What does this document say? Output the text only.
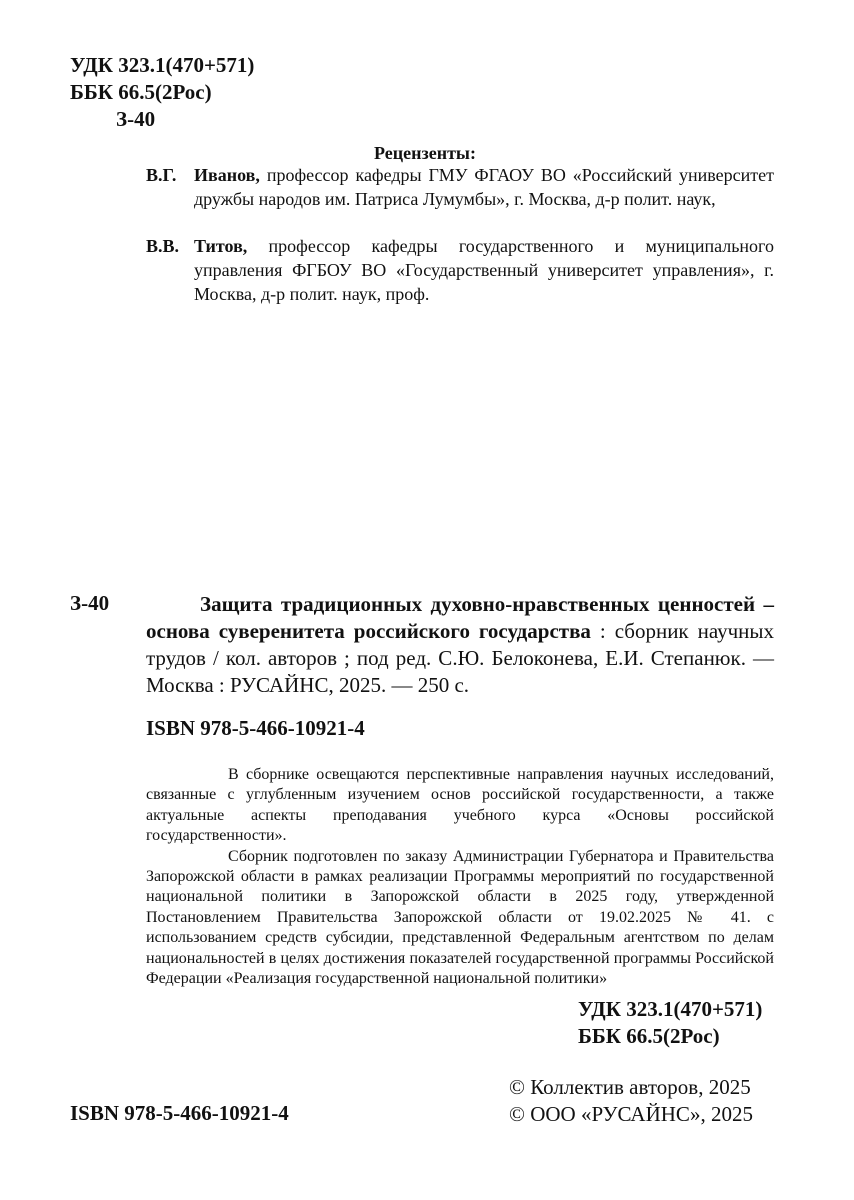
УДК 323.1(470+571)
ББК 66.5(2Рос)
З-40
Рецензенты:
В.Г. Иванов, профессор кафедры ГМУ ФГАОУ ВО «Российский университет дружбы народов им. Патриса Лумумбы», г. Москва, д-р полит. наук,
В.В. Титов, профессор кафедры государственного и муниципального управления ФГБОУ ВО «Государственный университет управления», г. Москва, д-р полит. наук, проф.
З-40	Защита традиционных духовно-нравственных ценностей – основа суверенитета российского государства : сборник научных трудов / кол. авторов ; под ред. С.Ю. Белоконева, Е.И. Степанюк. — Москва : РУСАЙНС, 2025. — 250 с.
ISBN 978-5-466-10921-4

В сборнике освещаются перспективные направления научных исследований, связанные с углубленным изучением основ российской государственности, а также актуальные аспекты преподавания учебного курса «Основы российской государственности».

Сборник подготовлен по заказу Администрации Губернатора и Правительства Запорожской области в рамках реализации Программы мероприятий по государственной национальной политики в Запорожской области в 2025 году, утвержденной Постановлением Правительства Запорожской области от 19.02.2025 № 41. с использованием средств субсидии, представленной Федеральным агентством по делам национальностей в целях достижения показателей государственной программы Российской Федерации «Реализация государственной национальной политики»

УДК 323.1(470+571)
ББК 66.5(2Рос)
© Коллектив авторов, 2025
© ООО «РУСАЙНС», 2025
ISBN 978-5-466-10921-4
